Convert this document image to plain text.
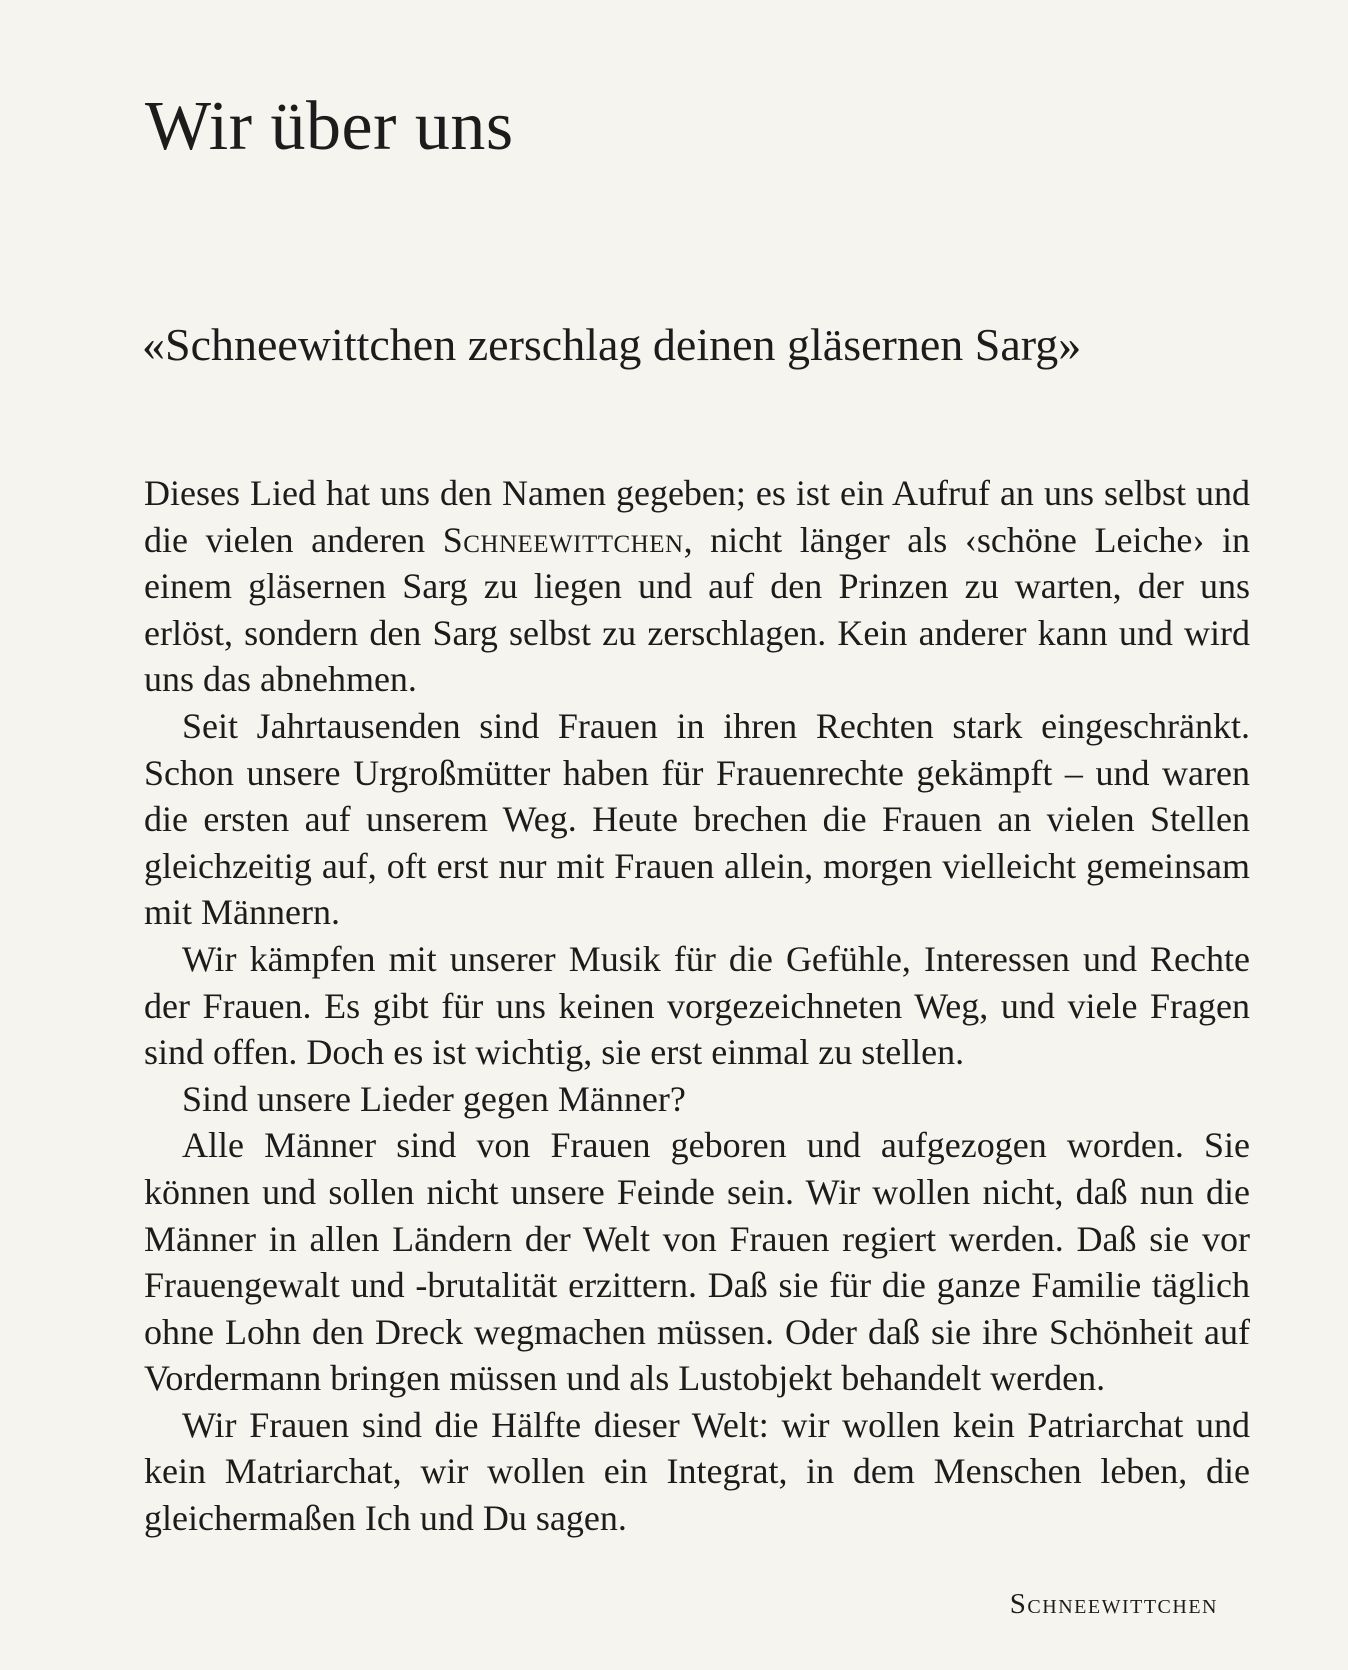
Wir über uns
«Schneewittchen zerschlag deinen gläsernen Sarg»

Dieses Lied hat uns den Namen gegeben; es ist ein Aufruf an uns selbst und die vielen anderen Schneewittchen, nicht länger als ‹schöne Leiche› in einem gläsernen Sarg zu liegen und auf den Prinzen zu warten, der uns erlöst, sondern den Sarg selbst zu zerschlagen. Kein anderer kann und wird uns das abnehmen.

Seit Jahrtausenden sind Frauen in ihren Rechten stark eingeschränkt. Schon unsere Urgroßmütter haben für Frauenrechte gekämpft – und waren die ersten auf unserem Weg. Heute brechen die Frauen an vielen Stellen gleichzeitig auf, oft erst nur mit Frauen allein, morgen vielleicht gemeinsam mit Männern.

Wir kämpfen mit unserer Musik für die Gefühle, Interessen und Rechte der Frauen. Es gibt für uns keinen vorgezeichneten Weg, und viele Fragen sind offen. Doch es ist wichtig, sie erst einmal zu stellen.

Sind unsere Lieder gegen Männer?

Alle Männer sind von Frauen geboren und aufgezogen worden. Sie können und sollen nicht unsere Feinde sein. Wir wollen nicht, daß nun die Männer in allen Ländern der Welt von Frauen regiert werden. Daß sie vor Frauengewalt und -brutalität erzittern. Daß sie für die ganze Familie täglich ohne Lohn den Dreck wegmachen müssen. Oder daß sie ihre Schönheit auf Vordermann bringen müssen und als Lustobjekt behandelt werden.

Wir Frauen sind die Hälfte dieser Welt: wir wollen kein Patriarchat und kein Matriarchat, wir wollen ein Integrat, in dem Menschen leben, die gleichermaßen Ich und Du sagen.

Schneewittchen
